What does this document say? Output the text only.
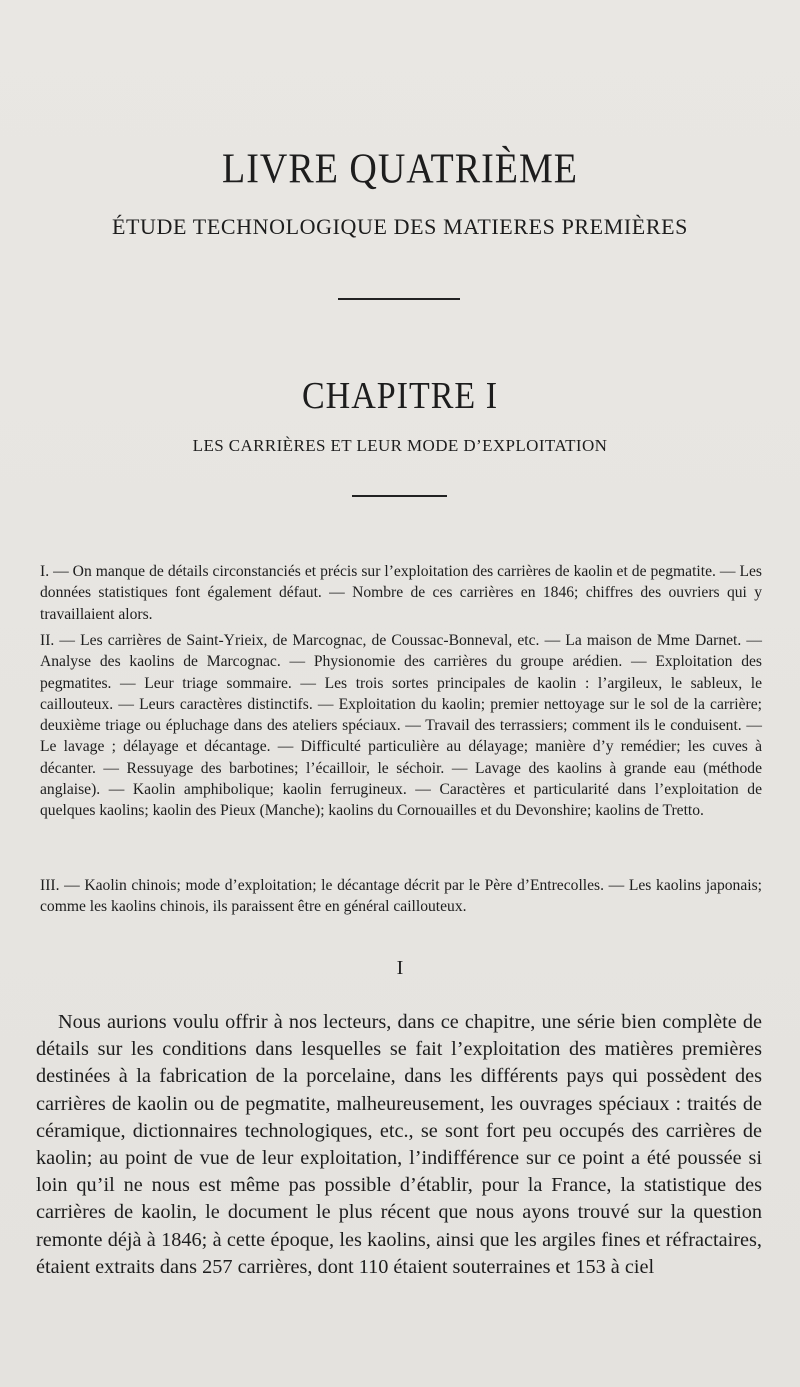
LIVRE QUATRIÈME
ÉTUDE TECHNOLOGIQUE DES MATIERES PREMIÈRES
CHAPITRE I
LES CARRIÈRES ET LEUR MODE D’EXPLOITATION

I. — On manque de détails circonstanciés et précis sur l’exploitation des carrières de kaolin et de pegmatite. — Les données statistiques font également défaut. — Nombre de ces carrières en 1846; chiffres des ouvriers qui y travaillaient alors.

II. — Les carrières de Saint-Yrieix, de Marcognac, de Coussac-Bonneval, etc. — La maison de Mme Darnet. — Analyse des kaolins de Marcognac. — Physionomie des carrières du groupe arédien. — Exploitation des pegmatites. — Leur triage sommaire. — Les trois sortes principales de kaolin : l’argileux, le sableux, le caillouteux. — Leurs caractères distinctifs. — Exploitation du kaolin; premier nettoyage sur le sol de la carrière; deuxième triage ou épluchage dans des ateliers spéciaux. — Travail des terrassiers; comment ils le conduisent. — Le lavage ; délayage et décantage. — Difficulté particulière au délayage; manière d’y remédier; les cuves à décanter. — Ressuyage des barbotines; l’écailloir, le séchoir. — Lavage des kaolins à grande eau (méthode anglaise). — Kaolin amphibolique; kaolin ferrugineux. — Caractères et particularité dans l’exploitation de quelques kaolins; kaolin des Pieux (Manche); kaolins du Cornouailles et du Devonshire; kaolins de Tretto.

III. — Kaolin chinois; mode d’exploitation; le décantage décrit par le Père d’Entrecolles. — Les kaolins japonais; comme les kaolins chinois, ils paraissent être en général caillouteux.

I

Nous aurions voulu offrir à nos lecteurs, dans ce chapitre, une série bien complète de détails sur les conditions dans lesquelles se fait l’exploitation des matières premières destinées à la fabrication de la porcelaine, dans les différents pays qui possèdent des carrières de kaolin ou de pegmatite, malheureusement, les ouvrages spéciaux : traités de céramique, dictionnaires technologiques, etc., se sont fort peu occupés des carrières de kaolin; au point de vue de leur exploitation, l’indifférence sur ce point a été poussée si loin qu’il ne nous est même pas possible d’établir, pour la France, la statistique des carrières de kaolin, le document le plus récent que nous ayons trouvé sur la question remonte déjà à 1846; à cette époque, les kaolins, ainsi que les argiles fines et réfractaires, étaient extraits dans 257 carrières, dont 110 étaient souterraines et 153 à ciel
